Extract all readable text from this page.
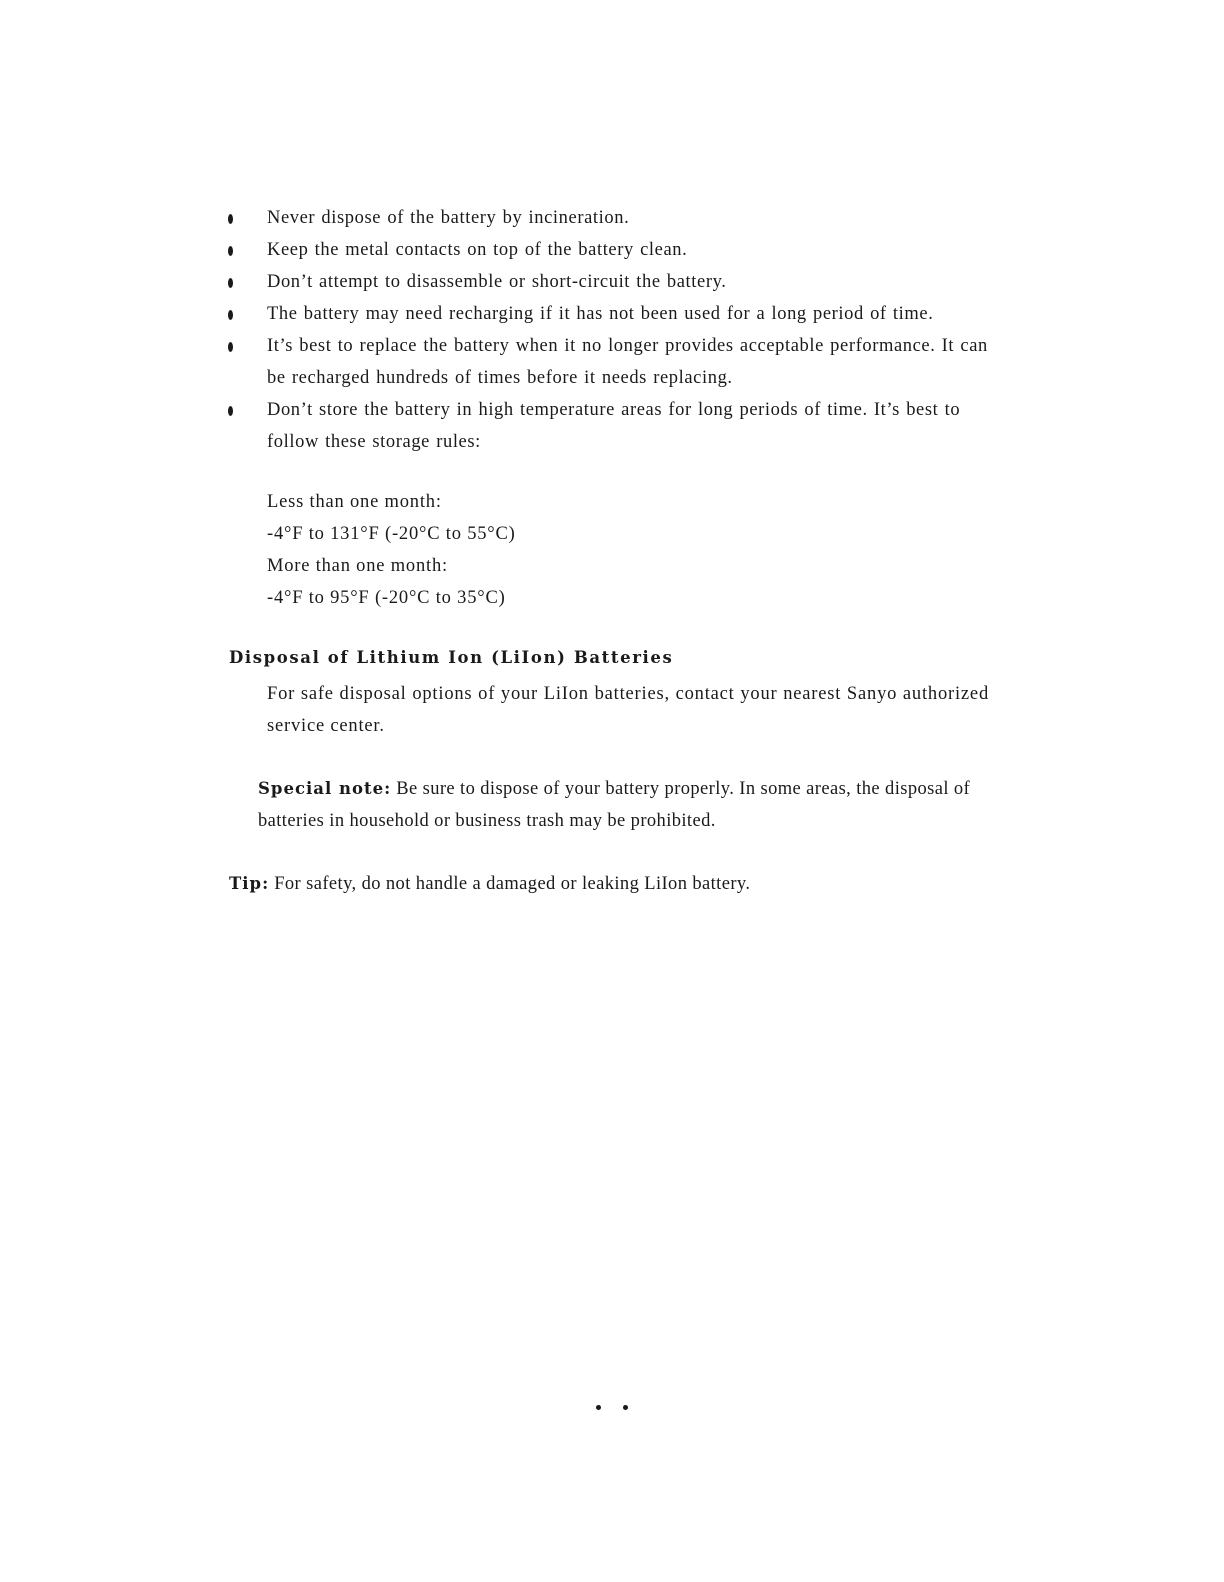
Never dispose of the battery by incineration.
Keep the metal contacts on top of the battery clean.
Don’t attempt to disassemble or short-circuit the battery.
The battery may need recharging if it has not been used for a long period of time.
It’s best to replace the battery when it no longer provides acceptable performance. It can be recharged hundreds of times before it needs replacing.
Don’t store the battery in high temperature areas for long periods of time. It’s best to follow these storage rules:
Less than one month:
-4°F to 131°F (-20°C to 55°C)
More than one month:
-4°F to 95°F (-20°C to 35°C)
Disposal of Lithium Ion (LiIon) Batteries
For safe disposal options of your LiIon batteries, contact your nearest Sanyo authorized service center.
Special note: Be sure to dispose of your battery properly. In some areas, the disposal of batteries in household or business trash may be prohibited.
Tip: For safety, do not handle a damaged or leaking LiIon battery.
